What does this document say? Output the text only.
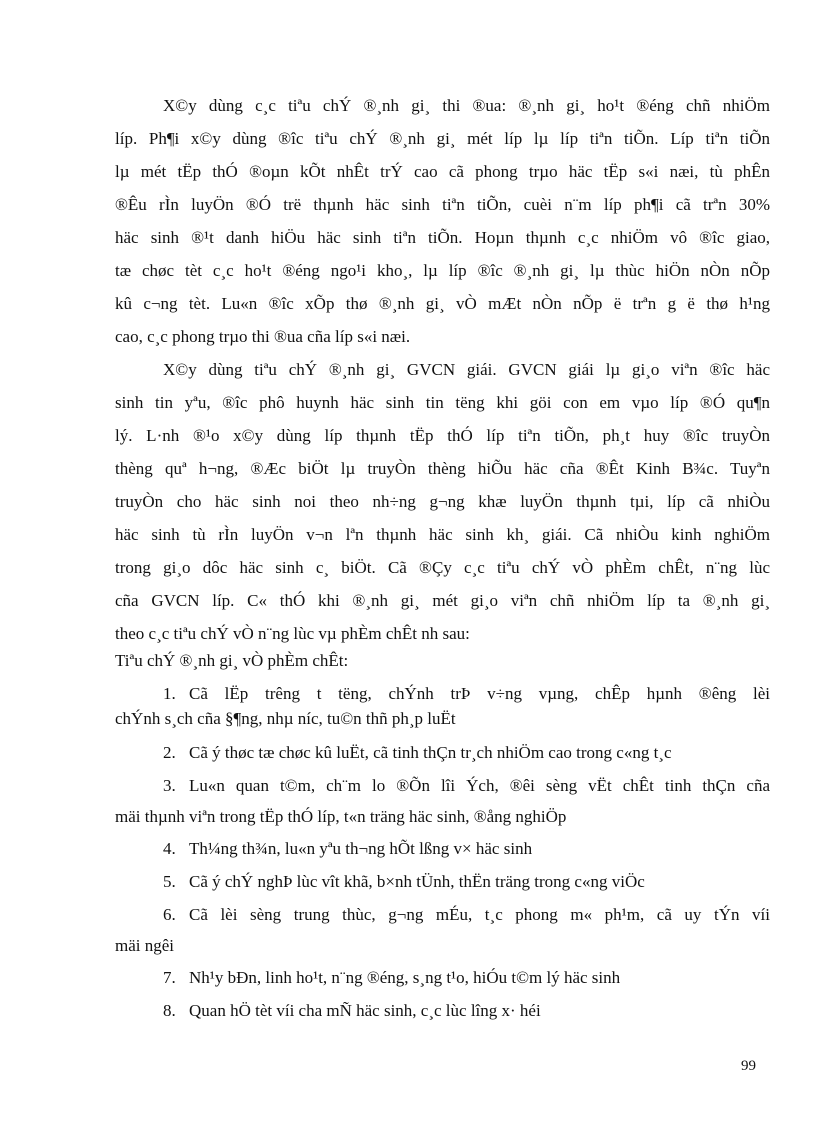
X©y dùng c¸c tiªu chÝ ®¸nh gi¸ thi ®ua: ®¸nh gi¸ ho¹t ®éng chñ nhiÖm
líp. Ph¶i x©y dùng ®îc tiªu chÝ ®¸nh gi¸ mét líp lµ líp tiªn tiÕn. Líp tiªn tiÕn
lµ mét tËp thÓ ®oµn kÕt nhÊt trÝ cao cã phong trµo häc tËp s«i næi, tù phÊn
®Êu rÌn luyÖn ®Ó trë thµnh häc sinh tiªn tiÕn, cuèi n¨m líp ph¶i cã trªn 30%
häc sinh ®¹t danh hiÖu häc sinh tiªn tiÕn. Hoµn thµnh c¸c nhiÖm vô ®îc giao,
tæ chøc tèt c¸c ho¹t ®éng ngo¹i kho¸, lµ líp ®îc ®¸nh gi¸ lµ thùc hiÖn nÒn nÕp
kû c¬ng tèt. Lu«n ®îc xÕp thø ®¸nh gi¸ vÒ mÆt nÒn nÕp ë trªn g ë thø h¹ng
cao, c¸c phong trµo thi ®ua cña líp s«i næi.
X©y dùng tiªu chÝ ®¸nh gi¸ GVCN giái. GVCN giái lµ gi¸o viªn ®îc häc
sinh tin yªu, ®îc phô huynh häc sinh tin tëng khi göi con em vµo líp ®Ó qu¶n
lý. L·nh ®¹o x©y dùng líp thµnh tËp thÓ líp tiªn tiÕn, ph¸t huy ®îc truyÒn
thèng quª h¬ng, ®Æc biÖt lµ truyÒn thèng hiÕu häc cña ®Êt Kinh B¾c. Tuyªn
truyÒn cho häc sinh noi theo nh÷ng g¬ng khæ luyÖn thµnh tµi, líp cã nhiÒu
häc sinh tù rÌn luyÖn v¬n lªn thµnh häc sinh kh¸ giái. Cã nhiÒu kinh nghiÖm
trong gi¸o dôc häc sinh c¸ biÖt. Cã ®Çy c¸c tiªu chÝ vÒ phÈm chÊt, n¨ng lùc
cña GVCN líp. C« thÓ khi ®¸nh gi¸ mét gi¸o viªn chñ nhiÖm líp ta ®¸nh gi¸
theo c¸c tiªu chÝ vÒ n¨ng lùc vµ phÈm chÊt nh sau:
Tiªu chÝ ®¸nh gi¸ vÒ phÈm chÊt:
1. Cã lËp trêng t tëng, chÝnh trÞ v÷ng vµng, chÊp hµnh ®êng lèi
chÝnh s¸ch cña §¶ng, nhµ níc, tu©n thñ ph¸p luËt
2. Cã ý thøc tæ chøc kû luËt, cã tinh thÇn tr¸ch nhiÖm cao trong c«ng t¸c
3. Lu«n quan t©m, ch¨m lo ®Õn lîi Ých, ®êi sèng vËt chÊt tinh thÇn cña
mäi thµnh viªn trong tËp thÓ líp, t«n träng häc sinh, ®ång nghiÖp
4. Th¼ng th¾n, lu«n yªu th¬ng hÕt lßng v× häc sinh
5. Cã ý chÝ nghÞ lùc vît khã, b×nh tÜnh, thËn träng trong c«ng viÖc
6. Cã lèi sèng trung thùc, g¬ng mÉu, t¸c phong m« ph¹m, cã uy tÝn víi
mäi ngêi
7. Nh¹y bÐn, linh ho¹t, n¨ng ®éng, s¸ng t¹o, hiÓu t©m lý häc sinh
8. Quan hÖ tèt víi cha mÑ häc sinh, c¸c lùc lîng x· héi
99
